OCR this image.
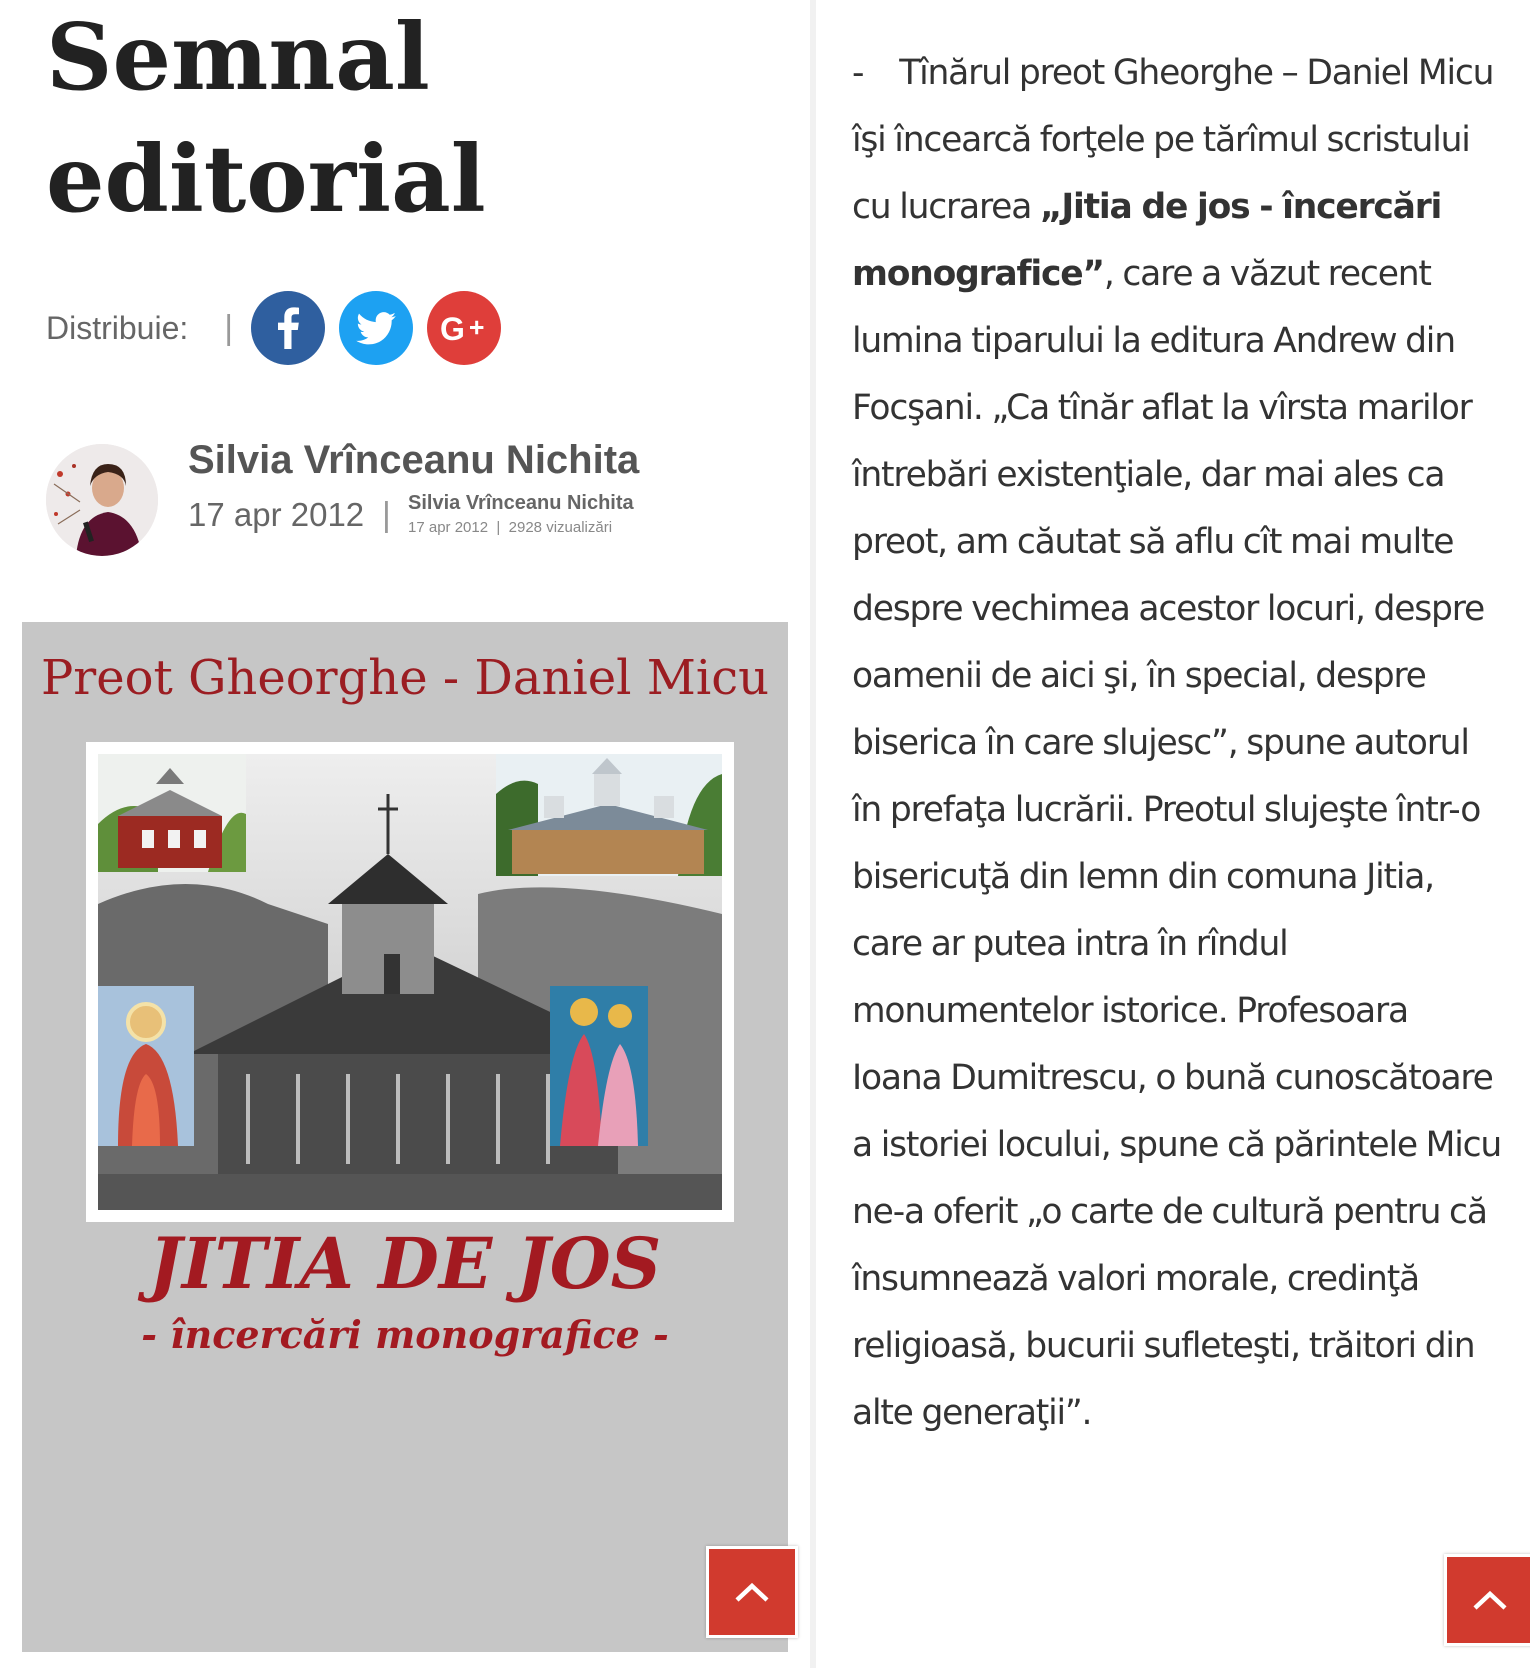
Semnal
editorial
Distribuie: |	G
Silvia Vrînceanu Nichita
17 apr 2012 | Silvia Vrînceanu Nichita
17 apr 2012  |  2928 vizualizări
Preot Gheorghe - Daniel Micu
JITIA DE JOS
- încercări monografice -

- Tînărul preot Gheorghe – Daniel Micu îşi încearcă forţele pe tărîmul scristului cu lucrarea „Jitia de jos - încercări monografice”, care a văzut recent lumina tiparului la editura Andrew din Focşani. „Ca tînăr aflat la vîrsta marilor întrebări existenţiale, dar mai ales ca preot, am căutat să aflu cît mai multe despre vechimea acestor locuri, despre oamenii de aici şi, în special, despre biserica în care slujesc”, spune autorul în prefaţa lucrării. Preotul slujeşte într-o bisericuţă din lemn din comuna Jitia, care ar putea intra în rîndul monumentelor istorice. Profesoara Ioana Dumitrescu, o bună cunoscătoare a istoriei locului, spune că părintele Micu ne-a oferit „o carte de cultură pentru că însumnează valori morale, credinţă religioasă, bucurii sufleteşti, trăitori din alte generaţii”.
